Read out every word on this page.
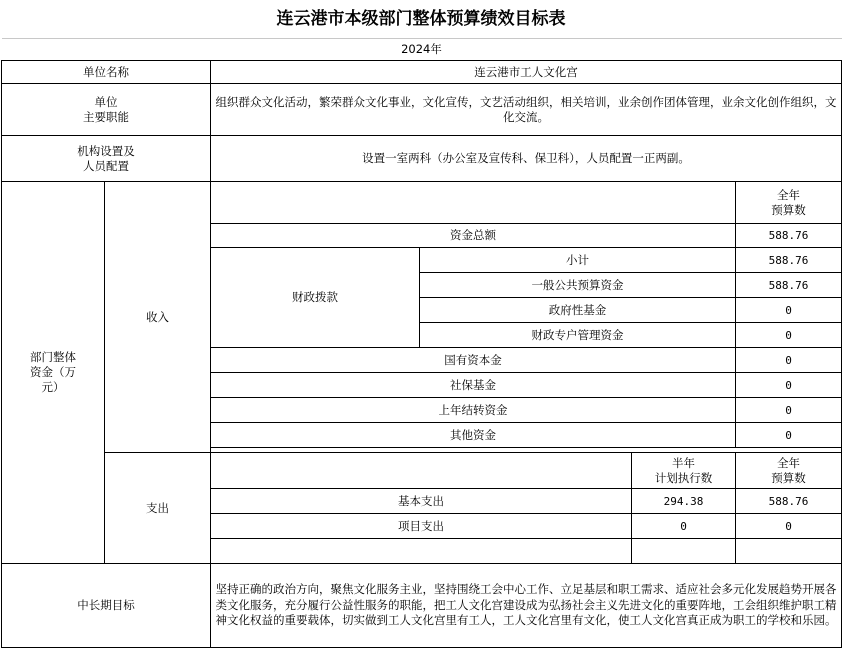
连云港市本级部门整体预算绩效目标表
2024年					
单位名称		连云港市工人文化宫			
单位
主要职能		组织群众文化活动，繁荣群众文化事业，文化宣传，文艺活动组织，相关培训，业余创作团体管理，业余文化创作组织，文化交流。			
机构设置及
人员配置		设置一室两科（办公室及宣传科、保卫科），人员配置一正两副。			
部门整体
资金（万
元）	收入				全年
预算数
		资金总额			588.76
		财政拨款	小计		588.76
			一般公共预算资金		588.76
			政府性基金		0
			财政专户管理资金		0
		国有资本金			0
		社保基金			0
		上年结转资金			0
		其他资金			0

	支出			半年
计划执行数	全年
预算数
		基本支出		294.38	588.76
		项目支出		0	0

中长期目标		坚持正确的政治方向，聚焦文化服务主业，坚持围绕工会中心工作、立足基层和职工需求、适应社会多元化发展趋势开展各类文化服务，充分履行公益性服务的职能，把工人文化宫建设成为弘扬社会主义先进文化的重要阵地，工会组织维护职工精神文化权益的重要载体，切实做到工人文化宫里有工人，工人文化宫里有文化，使工人文化宫真正成为职工的学校和乐园。			
